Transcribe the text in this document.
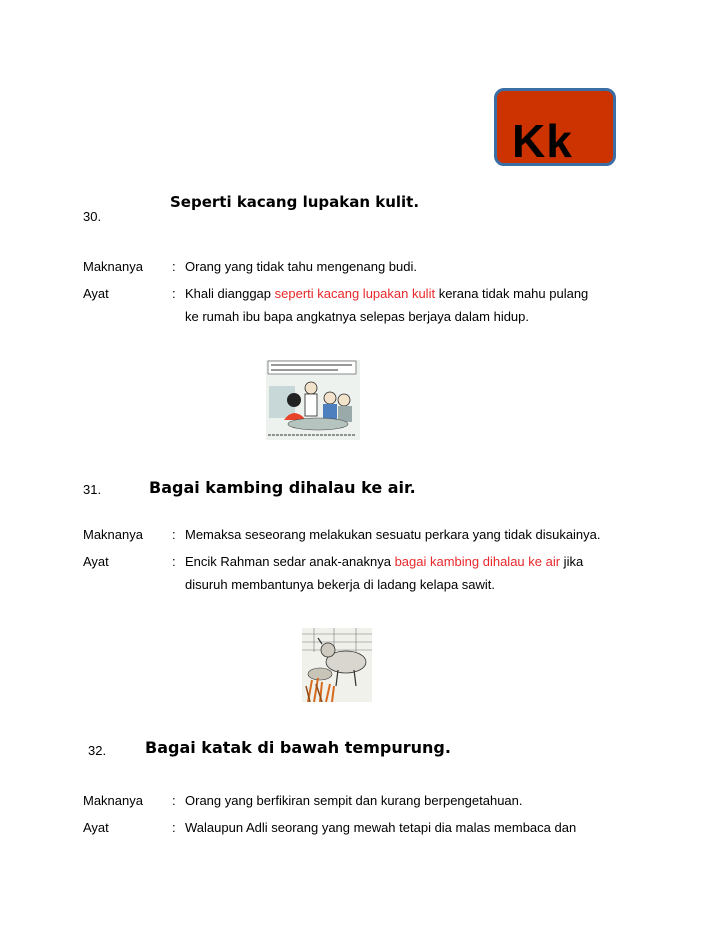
Kk
Seperti kacang lupakan kulit.
30.
Maknanya : Orang yang tidak tahu mengenang budi.
Ayat	: Khali dianggap seperti kacang lupakan kulit kerana tidak mahu pulang
ke rumah ibu bapa angkatnya selepas berjaya dalam hidup.
31.	Bagai kambing dihalau ke air.
Maknanya : Memaksa seseorang melakukan sesuatu perkara yang tidak disukainya.
Ayat	: Encik Rahman sedar anak-anaknya bagai kambing dihalau ke air jika
disuruh membantunya bekerja di ladang kelapa sawit.
32. Bagai katak di bawah tempurung.
Maknanya : Orang yang berfikiran sempit dan kurang berpengetahuan.
Ayat	: Walaupun Adli seorang yang mewah tetapi dia malas membaca dan
